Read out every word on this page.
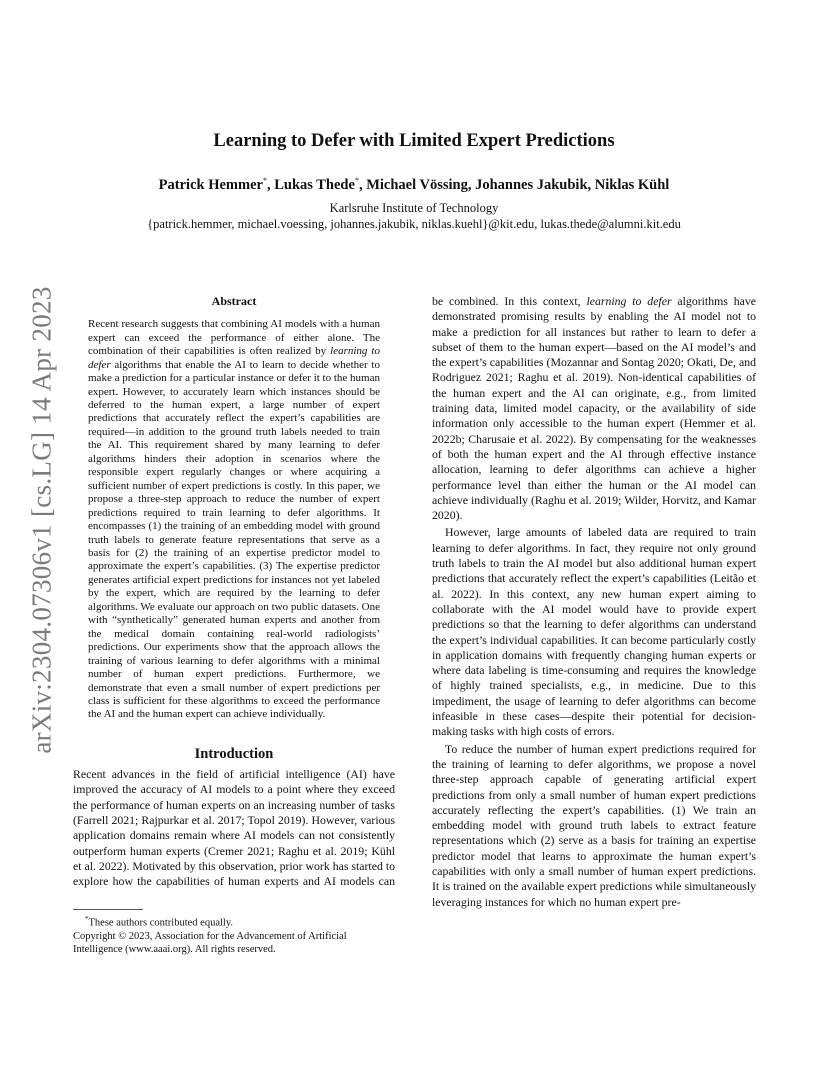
arXiv:2304.07306v1 [cs.LG] 14 Apr 2023
Learning to Defer with Limited Expert Predictions
Patrick Hemmer*, Lukas Thede*, Michael Vössing, Johannes Jakubik, Niklas Kühl
Karlsruhe Institute of Technology
{patrick.hemmer, michael.voessing, johannes.jakubik, niklas.kuehl}@kit.edu, lukas.thede@alumni.kit.edu
Abstract

Recent research suggests that combining AI models with a human expert can exceed the performance of either alone. The combination of their capabilities is often realized by learning to defer algorithms that enable the AI to learn to decide whether to make a prediction for a particular instance or defer it to the human expert. However, to accurately learn which instances should be deferred to the human expert, a large number of expert predictions that accurately reflect the expert’s capabilities are required—in addition to the ground truth labels needed to train the AI. This requirement shared by many learning to defer algorithms hinders their adoption in scenarios where the responsible expert regularly changes or where acquiring a sufficient number of expert predictions is costly. In this paper, we propose a three-step approach to reduce the number of expert predictions required to train learning to defer algorithms. It encompasses (1) the training of an embedding model with ground truth labels to generate feature representations that serve as a basis for (2) the training of an expertise predictor model to approximate the expert’s capabilities. (3) The expertise predictor generates artificial expert predictions for instances not yet labeled by the expert, which are required by the learning to defer algorithms. We evaluate our approach on two public datasets. One with “synthetically” generated human experts and another from the medical domain containing real-world radiologists’ predictions. Our experiments show that the approach allows the training of various learning to defer algorithms with a minimal number of human expert predictions. Furthermore, we demonstrate that even a small number of expert predictions per class is sufficient for these algorithms to exceed the performance the AI and the human expert can achieve individually.

Introduction

Recent advances in the field of artificial intelligence (AI) have improved the accuracy of AI models to a point where they exceed the performance of human experts on an increasing number of tasks (Farrell 2021; Rajpurkar et al. 2017; Topol 2019). However, various application domains remain where AI models can not consistently outperform human experts (Cremer 2021; Raghu et al. 2019; Kühl et al. 2022). Motivated by this observation, prior work has started to explore how the capabilities of human experts and AI models can

be combined. In this context, learning to defer algorithms have demonstrated promising results by enabling the AI model not to make a prediction for all instances but rather to learn to defer a subset of them to the human expert—based on the AI model’s and the expert’s capabilities (Mozannar and Sontag 2020; Okati, De, and Rodriguez 2021; Raghu et al. 2019). Non-identical capabilities of the human expert and the AI can originate, e.g., from limited training data, limited model capacity, or the availability of side information only accessible to the human expert (Hemmer et al. 2022b; Charusaie et al. 2022). By compensating for the weaknesses of both the human expert and the AI through effective instance allocation, learning to defer algorithms can achieve a higher performance level than either the human or the AI model can achieve individually (Raghu et al. 2019; Wilder, Horvitz, and Kamar 2020).

However, large amounts of labeled data are required to train learning to defer algorithms. In fact, they require not only ground truth labels to train the AI model but also additional human expert predictions that accurately reflect the expert’s capabilities (Leitão et al. 2022). In this context, any new human expert aiming to collaborate with the AI model would have to provide expert predictions so that the learning to defer algorithms can understand the expert’s individual capabilities. It can become particularly costly in application domains with frequently changing human experts or where data labeling is time-consuming and requires the knowledge of highly trained specialists, e.g., in medicine. Due to this impediment, the usage of learning to defer algorithms can become infeasible in these cases—despite their potential for decision-making tasks with high costs of errors.

To reduce the number of human expert predictions required for the training of learning to defer algorithms, we propose a novel three-step approach capable of generating artificial expert predictions from only a small number of human expert predictions accurately reflecting the expert’s capabilities. (1) We train an embedding model with ground truth labels to extract feature representations which (2) serve as a basis for training an expertise predictor model that learns to approximate the human expert’s capabilities with only a small number of human expert predictions. It is trained on the available expert predictions while simultaneously leveraging instances for which no human expert pre-

*These authors contributed equally.
Copyright © 2023, Association for the Advancement of Artificial Intelligence (www.aaai.org). All rights reserved.
